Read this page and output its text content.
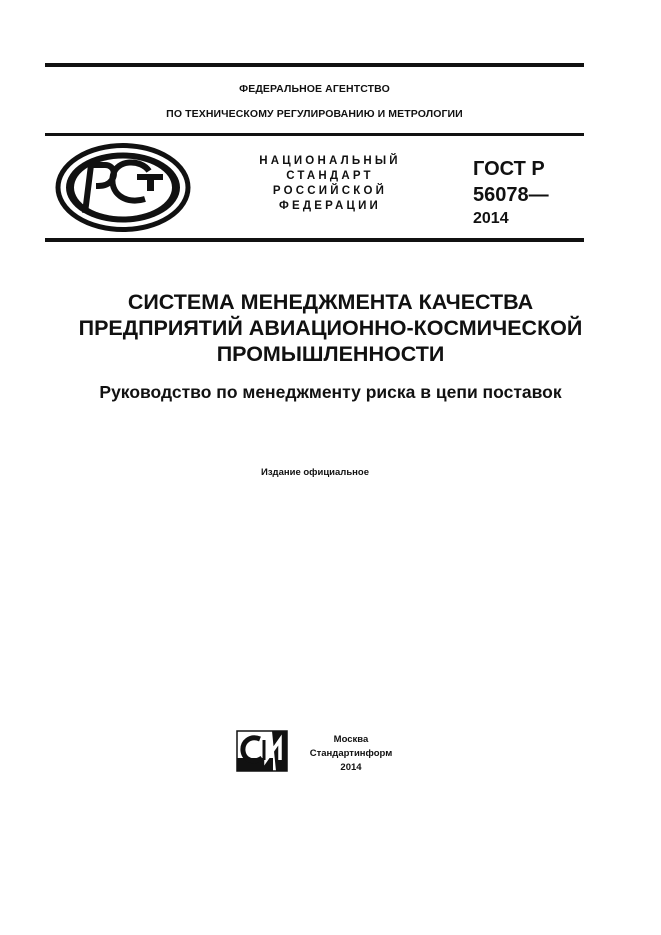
ФЕДЕРАЛЬНОЕ АГЕНТСТВО
ПО ТЕХНИЧЕСКОМУ РЕГУЛИРОВАНИЮ И МЕТРОЛОГИИ
НАЦИОНАЛЬНЫЙ
СТАНДАРТ
РОССИЙСКОЙ
ФЕДЕРАЦИИ
ГОСТ Р
56078—
2014
СИСТЕМА МЕНЕДЖМЕНТА КАЧЕСТВА
ПРЕДПРИЯТИЙ АВИАЦИОННО-КОСМИЧЕСКОЙ
ПРОМЫШЛЕННОСТИ
Руководство по менеджменту риска в цепи поставок
Издание официальное
Москва
Стандартинформ
2014
